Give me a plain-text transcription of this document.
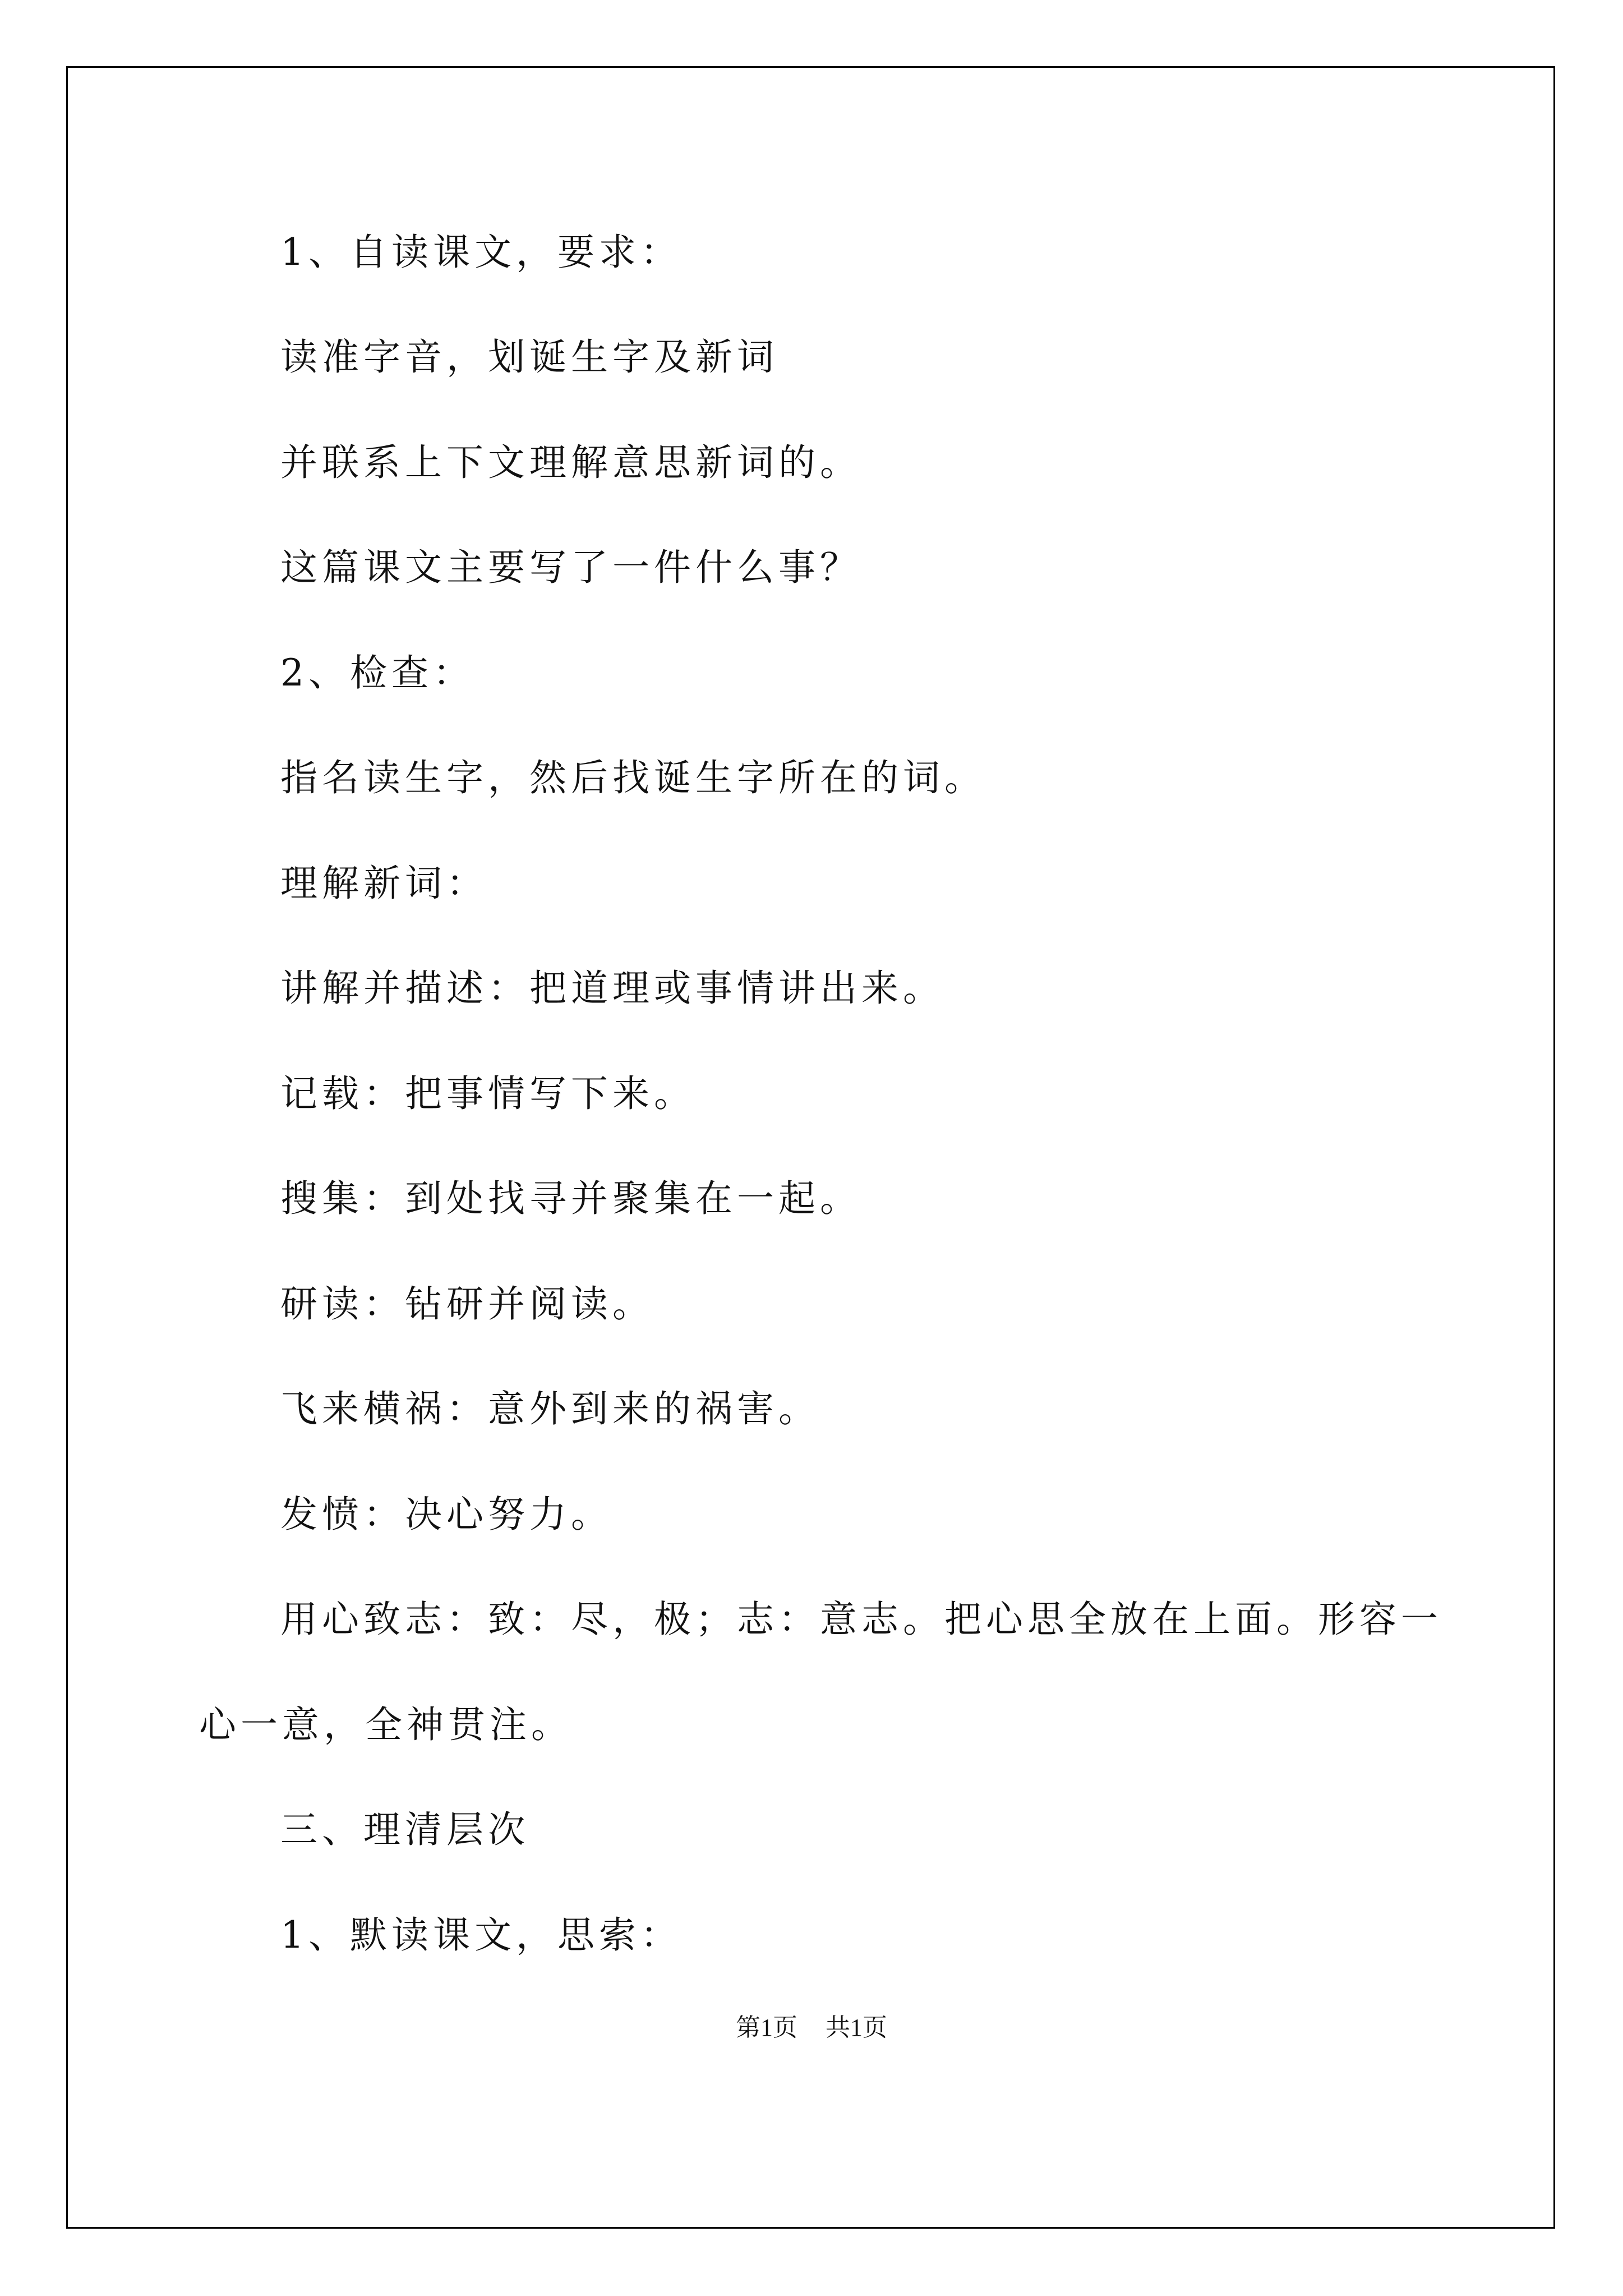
1、自读课文，要求：

读准字音，划诞生字及新词

并联系上下文理解意思新词的。

这篇课文主要写了一件什么事？

2、检查：

指名读生字，然后找诞生字所在的词。

理解新词：

讲解并描述：把道理或事情讲出来。

记载：把事情写下来。

搜集：到处找寻并聚集在一起。

研读：钻研并阅读。

飞来横祸：意外到来的祸害。

发愤：决心努力。

用心致志：致：尽，极；志：意志。把心思全放在上面。形容一

心一意，全神贯注。

三、理清层次

1、默读课文，思索：

第1页 共1页
